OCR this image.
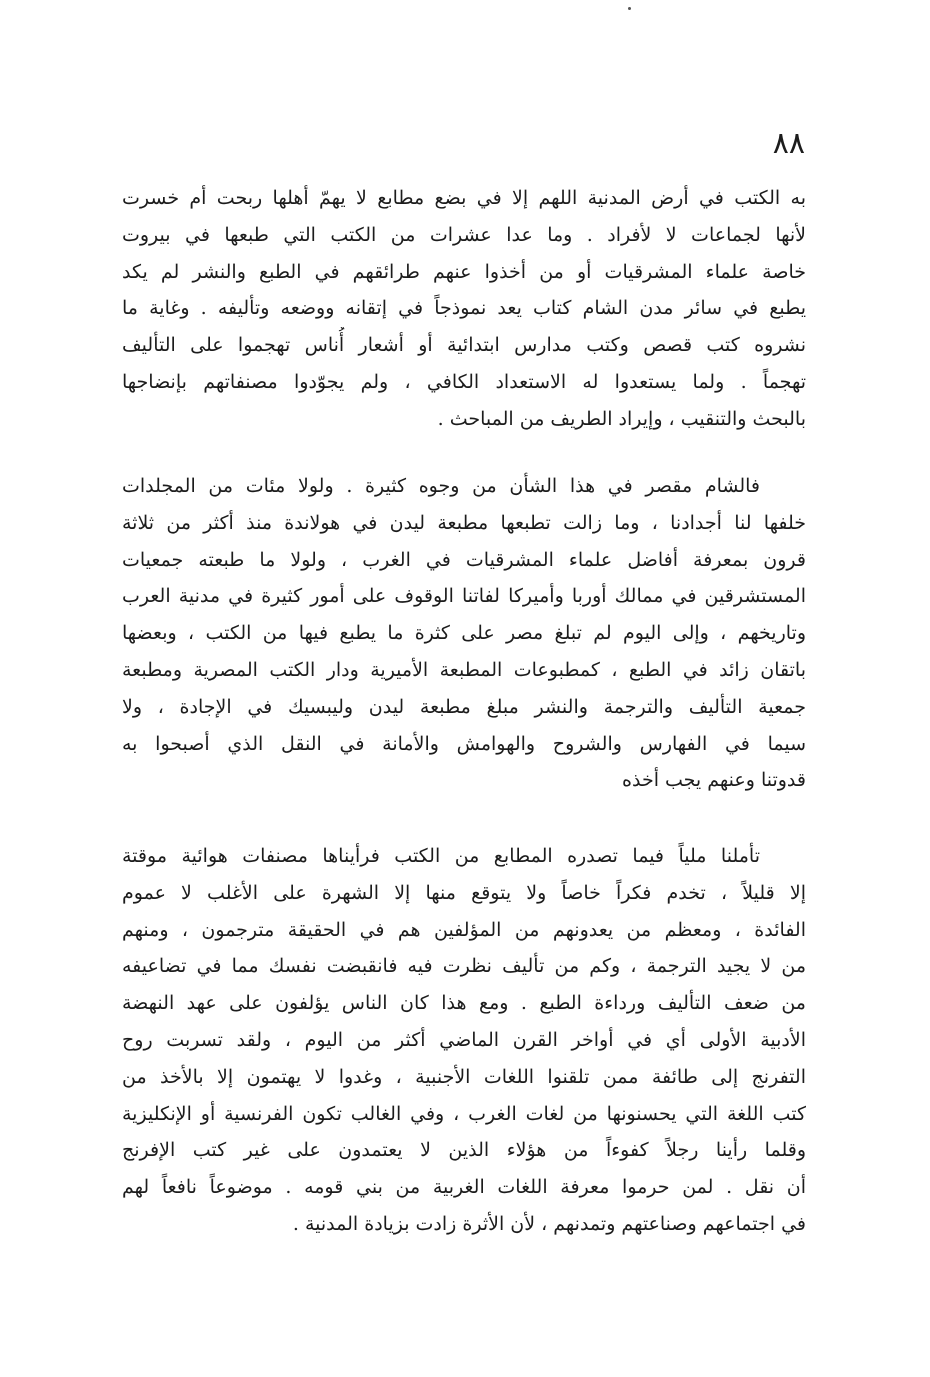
٨٨
به الكتب في أرض المدنية اللهم إلا في بضع مطابع لا يهمّ أهلها ربحت أم خسرت
لأنها لجماعات لا لأفراد . وما عدا عشرات من الكتب التي طبعها في بيروت
خاصة علماء المشرقيات أو من أخذوا عنهم طرائقهم في الطبع والنشر لم يكد
يطبع في سائر مدن الشام كتاب يعد نموذجاً في إتقانه ووضعه وتأليفه . وغاية ما
نشروه كتب قصص وكتب مدارس ابتدائية أو أشعار أُناس تهجموا على التأليف
تهجماً . ولما يستعدوا له الاستعداد الكافي ، ولم يجوّدوا مصنفاتهم بإنضاجها
بالبحث والتنقيب ، وإيراد الطريف من المباحث .
فالشام مقصر في هذا الشأن من وجوه كثيرة . ولولا مئات من المجلدات
خلفها لنا أجدادنا ، وما زالت تطبعها مطبعة ليدن في هولاندة منذ أكثر من ثلاثة
قرون بمعرفة أفاضل علماء المشرقيات في الغرب ، ولولا ما طبعته جمعيات
المستشرقين في ممالك أوربا وأميركا لفاتنا الوقوف على أمور كثيرة في مدنية العرب
وتاريخهم ، وإلى اليوم لم تبلغ مصر على كثرة ما يطبع فيها من الكتب ، وبعضها
باتقان زائد في الطبع ، كمطبوعات المطبعة الأميرية ودار الكتب المصرية ومطبعة
جمعية التأليف والترجمة والنشر مبلغ مطبعة ليدن وليبسيك في الإجادة ، ولا
سيما في الفهارس والشروح والهوامش والأمانة في النقل الذي أصبحوا به
قدوتنا وعنهم يجب أخذه
تأملنا ملياً فيما تصدره المطابع من الكتب فرأيناها مصنفات هوائية موقتة
إلا قليلاً ، تخدم فكراً خاصاً ولا يتوقع منها إلا الشهرة على الأغلب لا عموم
الفائدة ، ومعظم من يعدونهم من المؤلفين هم في الحقيقة مترجمون ، ومنهم
من لا يجيد الترجمة ، وكم من تأليف نظرت فيه فانقبضت نفسك مما في تضاعيفه
من ضعف التأليف ورداءة الطبع . ومع هذا كان الناس يؤلفون على عهد النهضة
الأدبية الأولى أي في أواخر القرن الماضي أكثر من اليوم ، ولقد تسربت روح
التفرنج إلى طائفة ممن تلقنوا اللغات الأجنبية ، وغدوا لا يهتمون إلا بالأخذ من
كتب اللغة التي يحسنونها من لغات الغرب ، وفي الغالب تكون الفرنسية أو الإنكليزية
وقلما رأينا رجلاً كفوءاً من هؤلاء الذين لا يعتمدون على غير كتب الإفرنج
أن نقل . لمن حرموا معرفة اللغات الغربية من بني قومه . موضوعاً نافعاً لهم
في اجتماعهم وصناعتهم وتمدنهم ، لأن الأثرة زادت بزيادة المدنية .
